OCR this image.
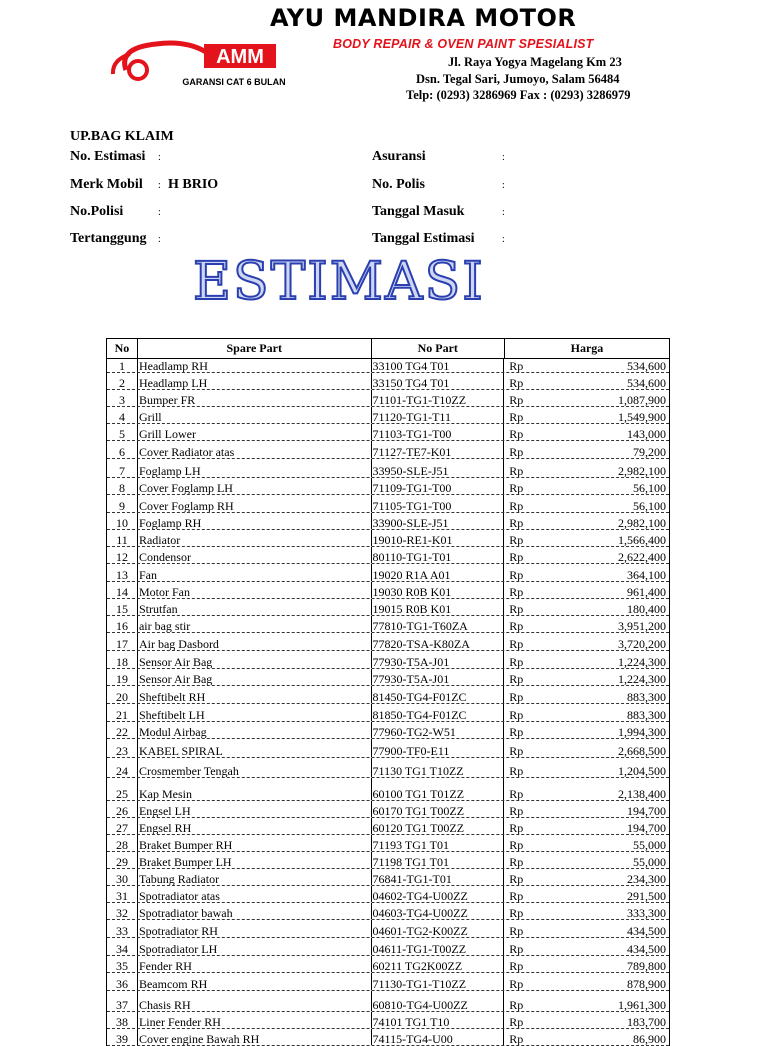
AMM
GARANSI CAT 6 BULAN
AYU MANDIRA MOTOR
BODY REPAIR & OVEN PAINT SPESIALIST
Jl. Raya Yogya Magelang Km 23
Dsn. Tegal Sari, Jumoyo, Salam 56484
Telp: (0293) 3286969 Fax : (0293) 3286979
UP.BAG KLAIM
No. Estimasi :
Merk Mobil : H BRIO
No.Polisi	:
Tertanggung :
Asuransi	:
No. Polis	:
Tanggal Masuk	:
Tanggal Estimasi	:
ESTIMASI
No	Spare Part	No Part	Harga
1	Headlamp RH	33100 TG4 T01	Rp	534,600
2	Headlamp LH	33150 TG4 T01	Rp	534,600
3	Bumper FR	71101-TG1-T10ZZ	Rp	1,087,900
4	Grill	71120-TG1-T11	Rp	1,549,900
5	Grill Lower	71103-TG1-T00	Rp	143,000
6	Cover Radiator atas	71127-TE7-K01	Rp	79,200
7	Foglamp LH	33950-SLE-J51	Rp	2,982,100
8	Cover Foglamp LH	71109-TG1-T00	Rp	56,100
9	Cover Foglamp RH	71105-TG1-T00	Rp	56,100
10 Foglamp RH	33900-SLE-J51	Rp	2,982,100
11 Radiator	19010-RE1-K01	Rp	1,566,400
12 Condensor	80110-TG1-T01	Rp	2,622,400
13 Fan	19020 R1A A01	Rp	364,100
14 Motor Fan	19030 R0B K01	Rp	961,400
15 Strutfan	19015 R0B K01	Rp	180,400
16 air bag stir	77810-TG1-T60ZA	Rp	3,951,200
17 Air bag Dasbord	77820-TSA-K80ZA	Rp	3,720,200
18 Sensor Air Bag	77930-T5A-J01	Rp	1,224,300
19 Sensor Air Bag	77930-T5A-J01	Rp	1,224,300
20 Sheftibelt RH	81450-TG4-F01ZC	Rp	883,300
21 Sheftibelt LH	81850-TG4-F01ZC	Rp	883,300
22 Modul Airbag	77960-TG2-W51	Rp	1,994,300
23 KABEL SPIRAL	77900-TF0-E11	Rp	2,668,500
24 Crosmember Tengah	71130 TG1 T10ZZ	Rp	1,204,500
25 Kap Mesin	60100 TG1 T01ZZ	Rp	2,138,400
26 Engsel LH	60170 TG1 T00ZZ	Rp	194,700
27 Engsel RH	60120 TG1 T00ZZ	Rp	194,700
28 Braket Bumper RH	71193 TG1 T01	Rp	55,000
29 Braket Bumper LH	71198 TG1 T01	Rp	55,000
30 Tabung Radiator	76841-TG1-T01	Rp	234,300
31 Spotradiator atas	04602-TG4-U00ZZ	Rp	291,500
32 Spotradiator bawah	04603-TG4-U00ZZ	Rp	333,300
33 Spotradiator RH	04601-TG2-K00ZZ	Rp	434,500
34 Spotradiator LH	04611-TG1-T00ZZ	Rp	434,500
35 Fender RH	60211 TG2K00ZZ	Rp	789,800
36 Beamcom RH	71130-TG1-T10ZZ	Rp	878,900
37 Chasis RH	60810-TG4-U00ZZ	Rp	1,961,300
38 Liner Fender RH	74101 TG1 T10	Rp	183,700
39 Cover engine Bawah RH	74115-TG4-U00	Rp	86,900
